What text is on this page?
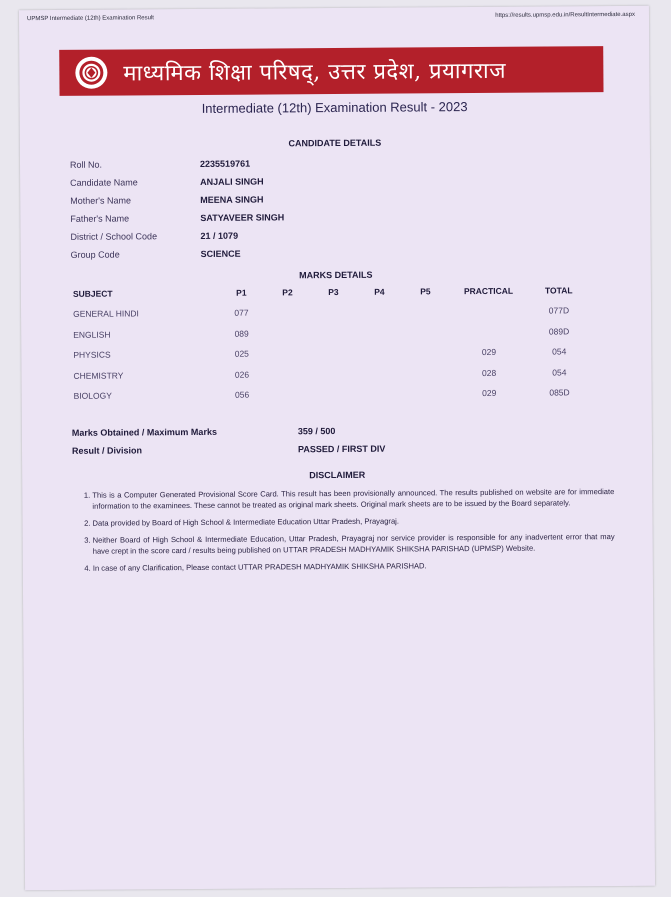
UPMSP Intermediate (12th) Examination Result	https://results.upmsp.edu.in/ResultIntermediate.aspx
माध्यमिक शिक्षा परिषद्, उत्तर प्रदेश, प्रयागराज
Intermediate (12th) Examination Result - 2023
CANDIDATE DETAILS
Roll No.	2235519761
Candidate Name	ANJALI SINGH
Mother's Name	MEENA SINGH
Father's Name	SATYAVEER SINGH
District / School Code	21 / 1079
Group Code	SCIENCE
MARKS DETAILS
SUBJECT	P1	P2	P3	P4	P5	PRACTICAL	TOTAL
GENERAL HINDI	077						077D
ENGLISH	089						089D
PHYSICS	025					029	054
CHEMISTRY	026					028	054
BIOLOGY	056					029	085D
Marks Obtained / Maximum Marks	359 / 500
Result / Division	PASSED / FIRST DIV
DISCLAIMER
1. This is a Computer Generated Provisional Score Card. This result has been provisionally announced. The results published on website are for immediate information to the examinees. These cannot be treated as original mark sheets. Original mark sheets are to be issued by the Board separately.
2. Data provided by Board of High School & Intermediate Education Uttar Pradesh, Prayagraj.
3. Neither Board of High School & Intermediate Education, Uttar Pradesh, Prayagraj nor service provider is responsible for any inadvertent error that may have crept in the score card / results being published on UTTAR PRADESH MADHYAMIK SHIKSHA PARISHAD (UPMSP) Website.
4. In case of any Clarification, Please contact UTTAR PRADESH MADHYAMIK SHIKSHA PARISHAD.
